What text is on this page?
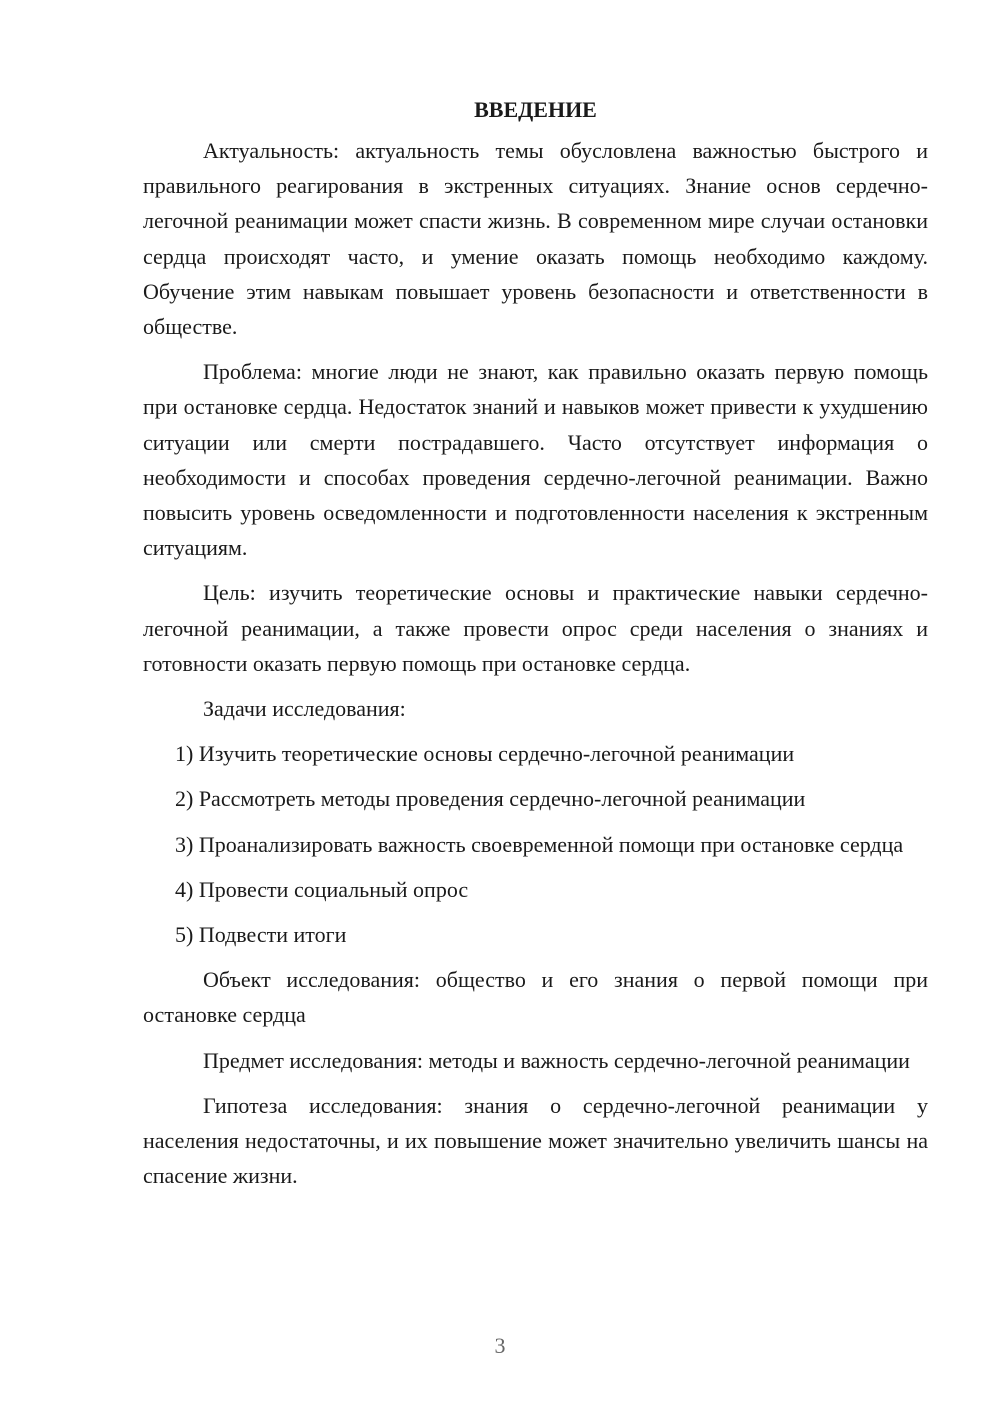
ВВЕДЕНИЕ

Актуальность: актуальность темы обусловлена важностью быстрого и правильного реагирования в экстренных ситуациях. Знание основ сердечно-легочной реанимации может спасти жизнь. В современном мире случаи остановки сердца происходят часто, и умение оказать помощь необходимо каждому. Обучение этим навыкам повышает уровень безопасности и ответственности в обществе.

Проблема: многие люди не знают, как правильно оказать первую помощь при остановке сердца. Недостаток знаний и навыков может привести к ухудшению ситуации или смерти пострадавшего. Часто отсутствует информация о необходимости и способах проведения сердечно-легочной реанимации. Важно повысить уровень осведомленности и подготовленности населения к экстренным ситуациям.

Цель: изучить теоретические основы и практические навыки сердечно-легочной реанимации, а также провести опрос среди населения о знаниях и готовности оказать первую помощь при остановке сердца.

Задачи исследования:

1) Изучить теоретические основы сердечно-легочной реанимации

2) Рассмотреть методы проведения сердечно-легочной реанимации

3) Проанализировать важность своевременной помощи при остановке сердца

4) Провести социальный опрос

5) Подвести итоги

Объект исследования: общество и его знания о первой помощи при остановке сердца

Предмет исследования: методы и важность сердечно-легочной реанимации

Гипотеза исследования: знания о сердечно-легочной реанимации у населения недостаточны, и их повышение может значительно увеличить шансы на спасение жизни.

3
